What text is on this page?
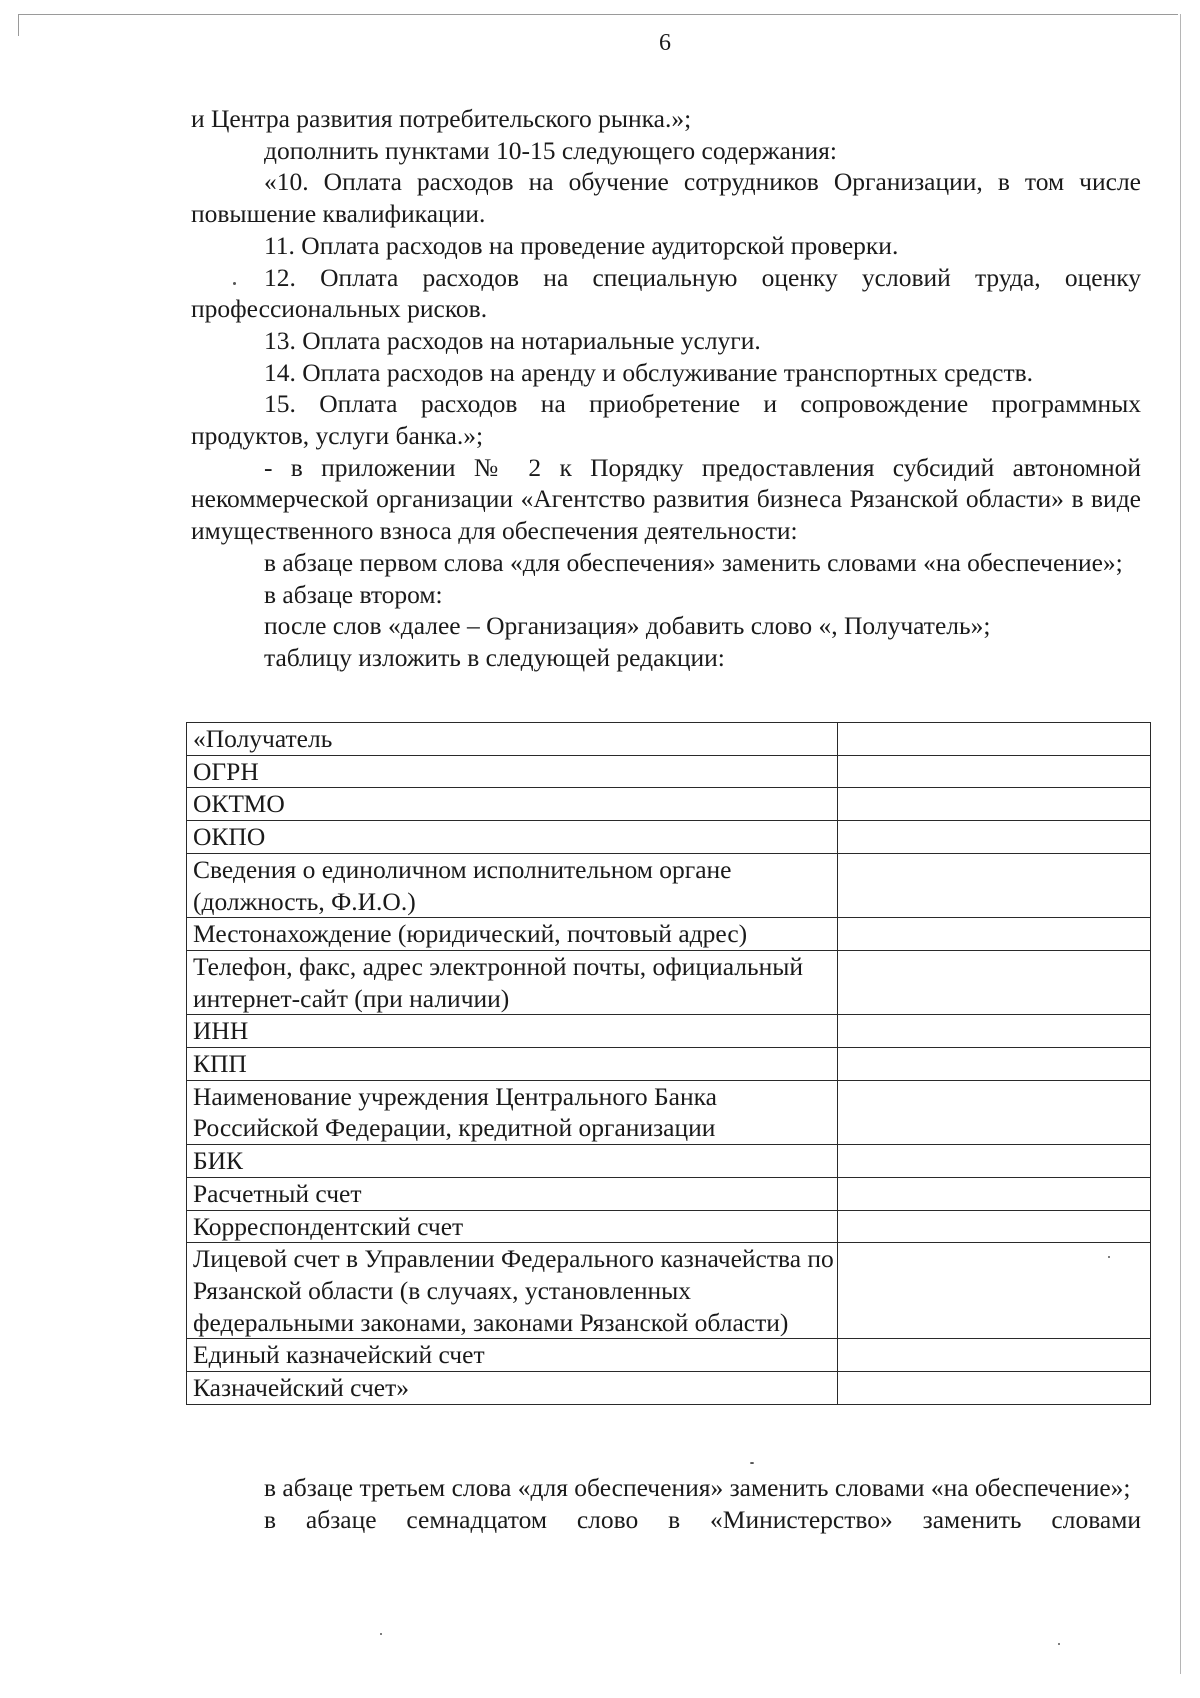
6

и Центра развития потребительского рынка.»;

дополнить пунктами 10-15 следующего содержания:

«10. Оплата расходов на обучение сотрудников Организации, в том числе повышение квалификации.

11. Оплата расходов на проведение аудиторской проверки.

12. Оплата расходов на специальную оценку условий труда, оценку профессиональных рисков.

13. Оплата расходов на нотариальные услуги.

14. Оплата расходов на аренду и обслуживание транспортных средств.

15. Оплата расходов на приобретение и сопровождение программных продуктов, услуги банка.»;

- в приложении № 2 к Порядку предоставления субсидий автономной некоммерческой организации «Агентство развития бизнеса Рязанской области» в виде имущественного взноса для обеспечения деятельности:

в абзаце первом слова «для обеспечения» заменить словами «на обеспечение»;

в абзаце втором:

после слов «далее – Организация» добавить слово «, Получатель»;

таблицу изложить в следующей редакции:

«Получатель	
ОГРН	
ОКТМО	
ОКПО	
Сведения о единоличном исполнительном органе (должность, Ф.И.О.)	
Местонахождение (юридический, почтовый адрес)	
Телефон, факс, адрес электронной почты, официальный интернет-сайт (при наличии)	
ИНН	
КПП	
Наименование учреждения Центрального Банка Российской Федерации, кредитной организации	
БИК	
Расчетный счет	
Корреспондентский счет	
Лицевой счет в Управлении Федерального казначейства по Рязанской области (в случаях, установленных федеральными законами, законами Рязанской области)	
Единый казначейский счет	
Казначейский счет»	

в абзаце третьем слова «для обеспечения» заменить словами «на обеспечение»;

в абзаце семнадцатом слово в «Министерство» заменить словами
